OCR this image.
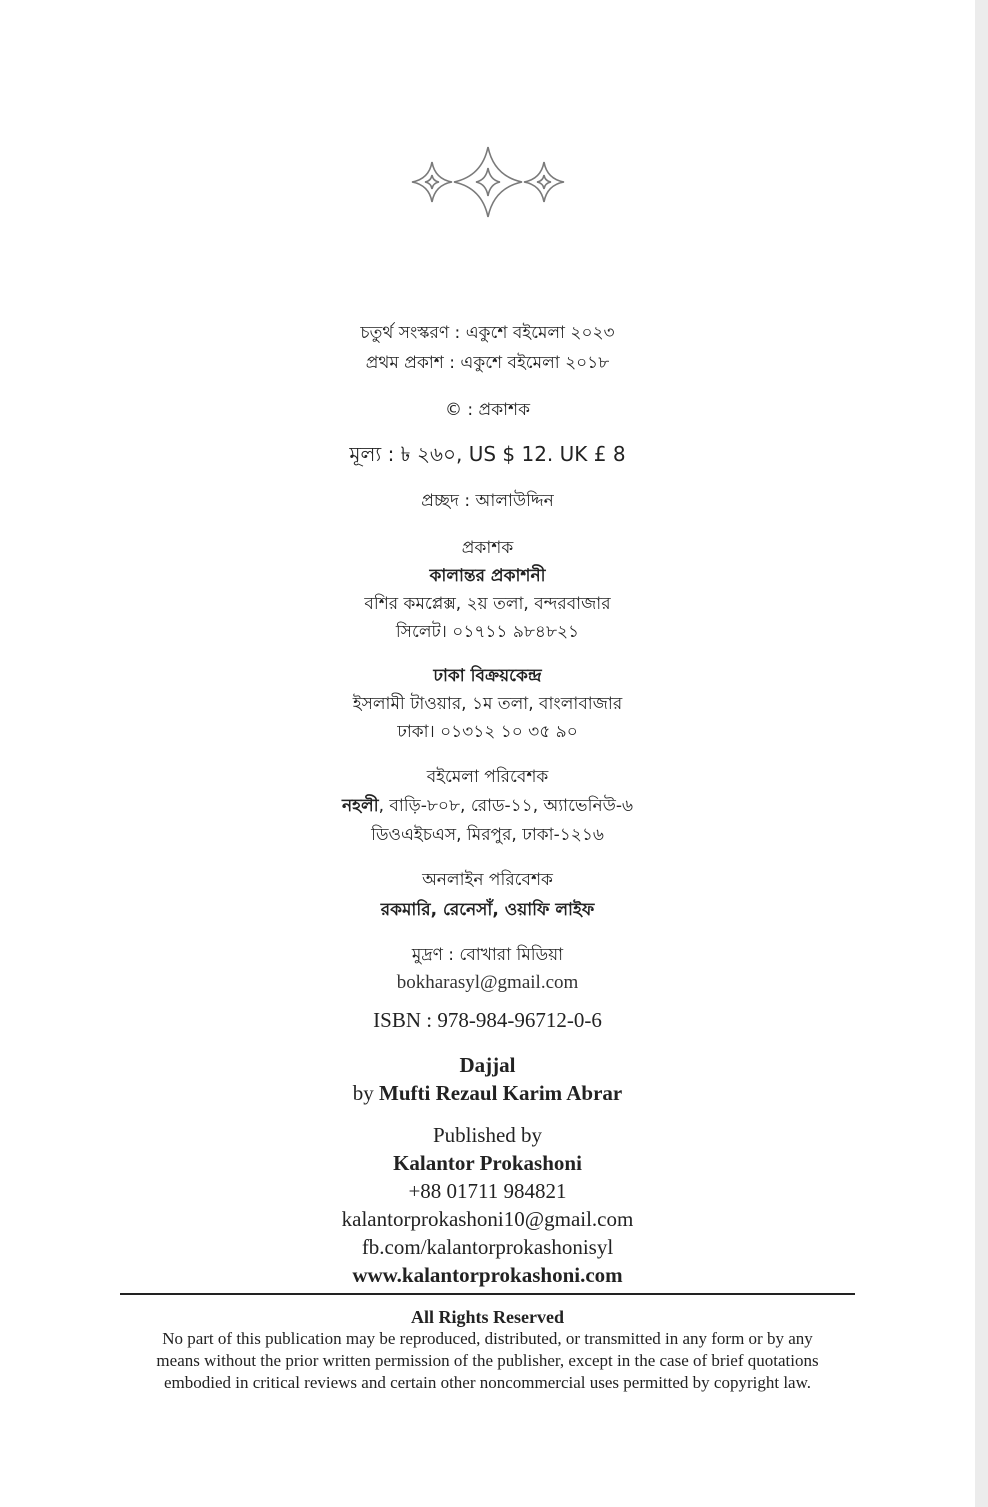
চতুর্থ সংস্করণ : একুশে বইমেলা ২০২৩
প্রথম প্রকাশ : একুশে বইমেলা ২০১৮
© : প্রকাশক
মূল্য : ৳ ২৬০, US $ 12. UK £ 8
প্রচ্ছদ : আলাউদ্দিন
প্রকাশক
কালান্তর প্রকাশনী
বশির কমপ্লেক্স, ২য় তলা, বন্দরবাজার
সিলেট। ০১৭১১ ৯৮৪৮২১
ঢাকা বিক্রয়কেন্দ্র
ইসলামী টাওয়ার, ১ম তলা, বাংলাবাজার
ঢাকা। ০১৩১২ ১০ ৩৫ ৯০
বইমেলা পরিবেশক
নহলী, বাড়ি-৮০৮, রোড-১১, অ্যাভেনিউ-৬
ডিওএইচএস, মিরপুর, ঢাকা-১২১৬
অনলাইন পরিবেশক
রকমারি, রেনেসাঁ, ওয়াফি লাইফ
মুদ্রণ : বোখারা মিডিয়া
bokharasyl@gmail.com
ISBN : 978-984-96712-0-6
Dajjal
by Mufti Rezaul Karim Abrar
Published by
Kalantor Prokashoni
+88 01711 984821
kalantorprokashoni10@gmail.com
fb.com/kalantorprokashonisyl
www.kalantorprokashoni.com
All Rights Reserved
No part of this publication may be reproduced, distributed, or transmitted in any form or by any
means without the prior written permission of the publisher, except in the case of brief quotations
embodied in critical reviews and certain other noncommercial uses permitted by copyright law.
